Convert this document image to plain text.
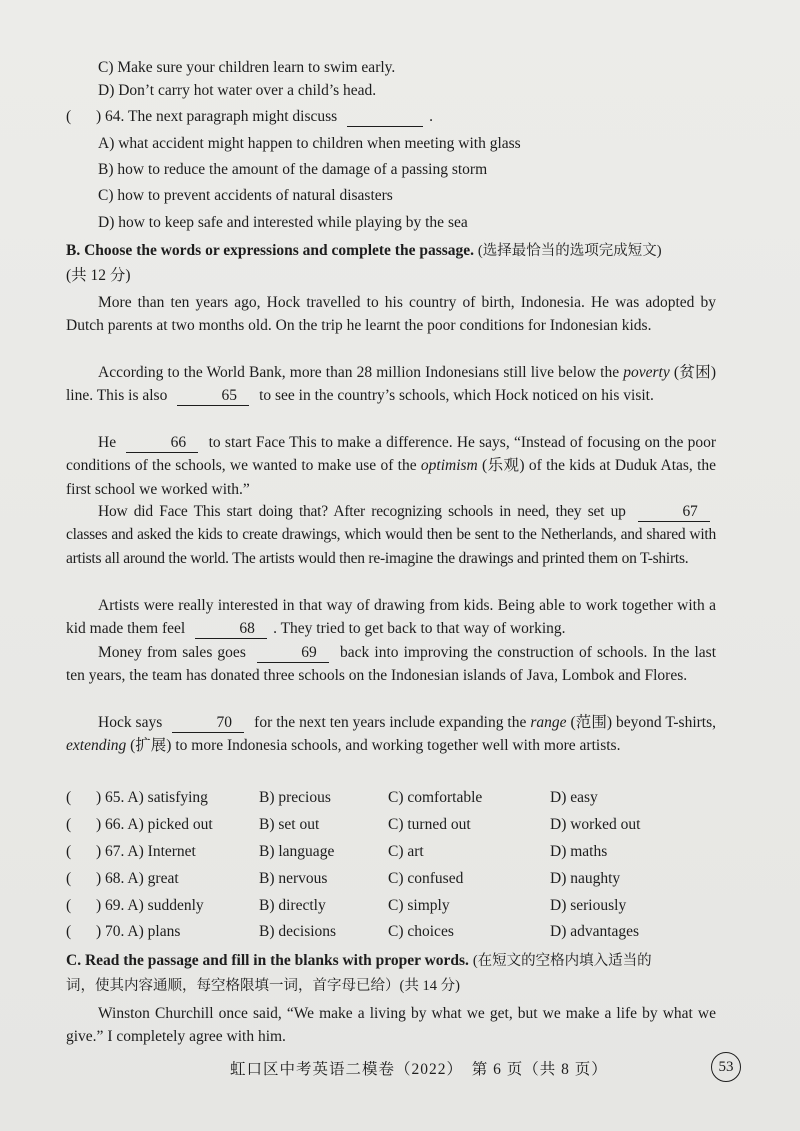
C) Make sure your children learn to swim early.
D) Don’t carry hot water over a child’s head.
( ) 64. The next paragraph might discuss	.
A) what accident might happen to children when meeting with glass
B) how to reduce the amount of the damage of a passing storm
C) how to prevent accidents of natural disasters
D) how to keep safe and interested while playing by the sea
B. Choose the words or expressions and complete the passage. (选择最恰当的选项完成短文)
(共 12 分)
More than ten years ago, Hock travelled to his country of birth, Indonesia. He was adopted by Dutch parents at two months old. On the trip he learnt the poor conditions for Indonesian kids.
According to the World Bank, more than 28 million Indonesians still live below the poverty (贫困) line. This is also	65 to see in the country’s schools, which Hock noticed on his visit.
He	66 to start Face This to make a difference. He says, “Instead of focusing on the poor conditions of the schools, we wanted to make use of the optimism (乐观) of the kids at Duduk Atas, the first school we worked with.”
How did Face This start doing that? After recognizing schools in need, they set up	67 classes and asked the kids to create drawings, which would then be sent to the Netherlands, and shared with artists all around the world. The artists would then re-imagine the drawings and printed them on T-shirts.
Artists were really interested in that way of drawing from kids. Being able to work together with a kid made them feel	68 . They tried to get back to that way of working.
Money from sales goes	69 back into improving the construction of schools. In the last ten years, the team has donated three schools on the Indonesian islands of Java, Lombok and Flores.
Hock says	70 for the next ten years include expanding the range (范围) beyond T-shirts, extending (扩展) to more Indonesia schools, and working together well with more artists.
( ) 65. A) satisfying	B) precious	C) comfortable	D) easy
( ) 66. A) picked out	B) set out	C) turned out	D) worked out
( ) 67. A) Internet	B) language	C) art	D) maths
( ) 68. A) great	B) nervous	C) confused	D) naughty
( ) 69. A) suddenly	B) directly	C) simply	D) seriously
( ) 70. A) plans	B) decisions	C) choices	D) advantages
C. Read the passage and fill in the blanks with proper words. (在短文的空格内填入适当的
词，使其内容通顺，每空格限填一词，首字母已给）(共 14 分)
Winston Churchill once said, “We make a living by what we get, but we make a life by what we give.” I completely agree with him.
虹口区中考英语二模卷（2022）　第 6 页（共 8 页）	53
